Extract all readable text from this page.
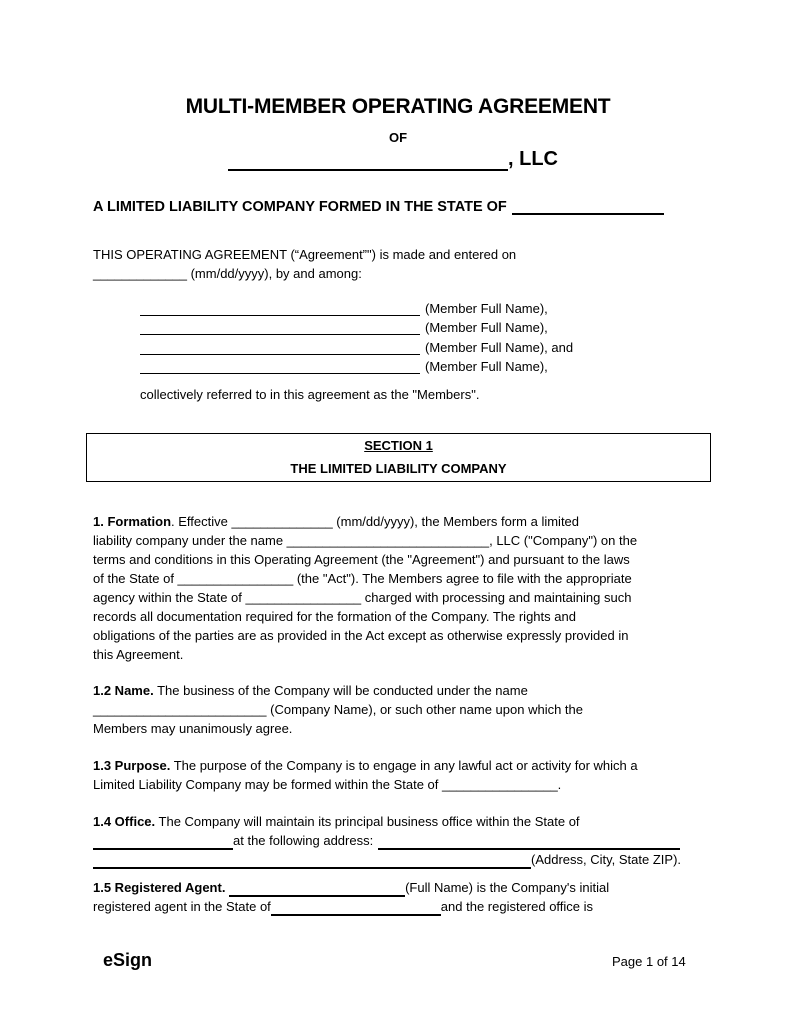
MULTI-MEMBER OPERATING AGREEMENT
OF
, LLC
A LIMITED LIABILITY COMPANY FORMED IN THE STATE OF
THIS OPERATING AGREEMENT (“Agreement”") is made and entered on
_____________ (mm/dd/yyyy), by and among:
(Member Full Name),
(Member Full Name),
(Member Full Name), and
(Member Full Name),
collectively referred to in this agreement as the "Members".
SECTION 1
THE LIMITED LIABILITY COMPANY
1. Formation. Effective ______________ (mm/dd/yyyy), the Members form a limited
liability company under the name ____________________________, LLC ("Company") on the
terms and conditions in this Operating Agreement (the "Agreement") and pursuant to the laws
of the State of ________________ (the "Act"). The Members agree to file with the appropriate
agency within the State of ________________ charged with processing and maintaining such
records all documentation required for the formation of the Company. The rights and
obligations of the parties are as provided in the Act except as otherwise expressly provided in
this Agreement.
1.2 Name. The business of the Company will be conducted under the name
________________________ (Company Name), or such other name upon which the
Members may unanimously agree.
1.3 Purpose. The purpose of the Company is to engage in any lawful act or activity for which a
Limited Liability Company may be formed within the State of ________________.
1.4 Office. The Company will maintain its principal business office within the State of
at the following address:
(Address, City, State ZIP).
1.5 Registered Agent .	(Full Name) is the Company's initial
registered agent in the State of	and the registered office is
eSign	Page 1 of 14
